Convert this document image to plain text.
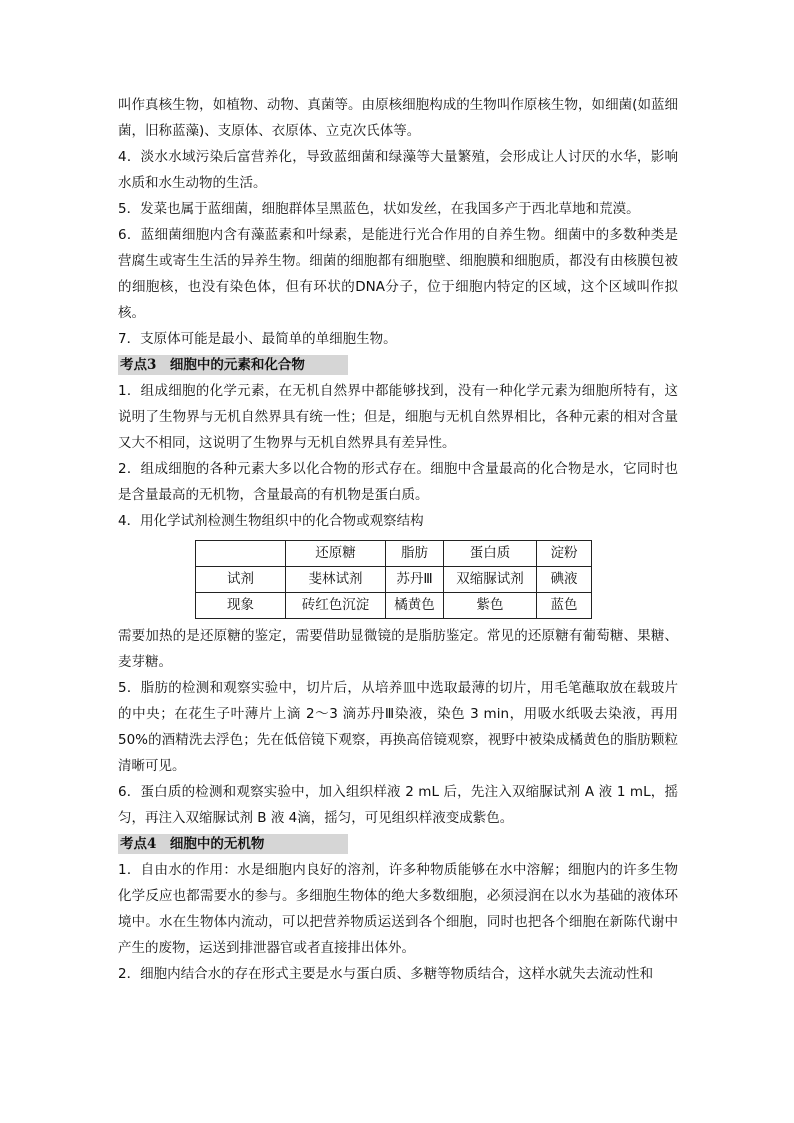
叫作真核生物，如植物、动物、真菌等。由原核细胞构成的生物叫作原核生物，如细菌(如蓝细菌，旧称蓝藻)、支原体、衣原体、立克次氏体等。

4．淡水水域污染后富营养化，导致蓝细菌和绿藻等大量繁殖，会形成让人讨厌的水华，影响水质和水生动物的生活。

5．发菜也属于蓝细菌，细胞群体呈黑蓝色，状如发丝，在我国多产于西北草地和荒漠。

6．蓝细菌细胞内含有藻蓝素和叶绿素，是能进行光合作用的自养生物。细菌中的多数种类是营腐生或寄生生活的异养生物。细菌的细胞都有细胞壁、细胞膜和细胞质，都没有由核膜包被的细胞核，也没有染色体，但有环状的DNA分子，位于细胞内特定的区域，这个区域叫作拟核。

7．支原体可能是最小、最简单的单细胞生物。

考点3　细胞中的元素和化合物

1．组成细胞的化学元素，在无机自然界中都能够找到，没有一种化学元素为细胞所特有，这说明了生物界与无机自然界具有统一性；但是，细胞与无机自然界相比，各种元素的相对含量又大不相同，这说明了生物界与无机自然界具有差异性。

2．组成细胞的各种元素大多以化合物的形式存在。细胞中含量最高的化合物是水，它同时也是含量最高的无机物，含量最高的有机物是蛋白质。

4．用化学试剂检测生物组织中的化合物或观察结构

	还原糖	脂肪	蛋白质	淀粉
试剂	斐林试剂	苏丹Ⅲ	双缩脲试剂	碘液
现象	砖红色沉淀	橘黄色	紫色	蓝色

需要加热的是还原糖的鉴定，需要借助显微镜的是脂肪鉴定。常见的还原糖有葡萄糖、果糖、麦芽糖。

5．脂肪的检测和观察实验中，切片后，从培养皿中选取最薄的切片，用毛笔蘸取放在载玻片的中央；在花生子叶薄片上滴 2～3 滴苏丹Ⅲ染液，染色 3 min，用吸水纸吸去染液，再用 50%的酒精洗去浮色；先在低倍镜下观察，再换高倍镜观察，视野中被染成橘黄色的脂肪颗粒清晰可见。

6．蛋白质的检测和观察实验中，加入组织样液 2 mL 后，先注入双缩脲试剂 A 液 1 mL，摇匀，再注入双缩脲试剂 B 液 4滴，摇匀，可见组织样液变成紫色。

考点4　细胞中的无机物

1．自由水的作用：水是细胞内良好的溶剂，许多种物质能够在水中溶解；细胞内的许多生物化学反应也都需要水的参与。多细胞生物体的绝大多数细胞，必须浸润在以水为基础的液体环境中。水在生物体内流动，可以把营养物质运送到各个细胞，同时也把各个细胞在新陈代谢中产生的废物，运送到排泄器官或者直接排出体外。

2．细胞内结合水的存在形式主要是水与蛋白质、多糖等物质结合，这样水就失去流动性和
